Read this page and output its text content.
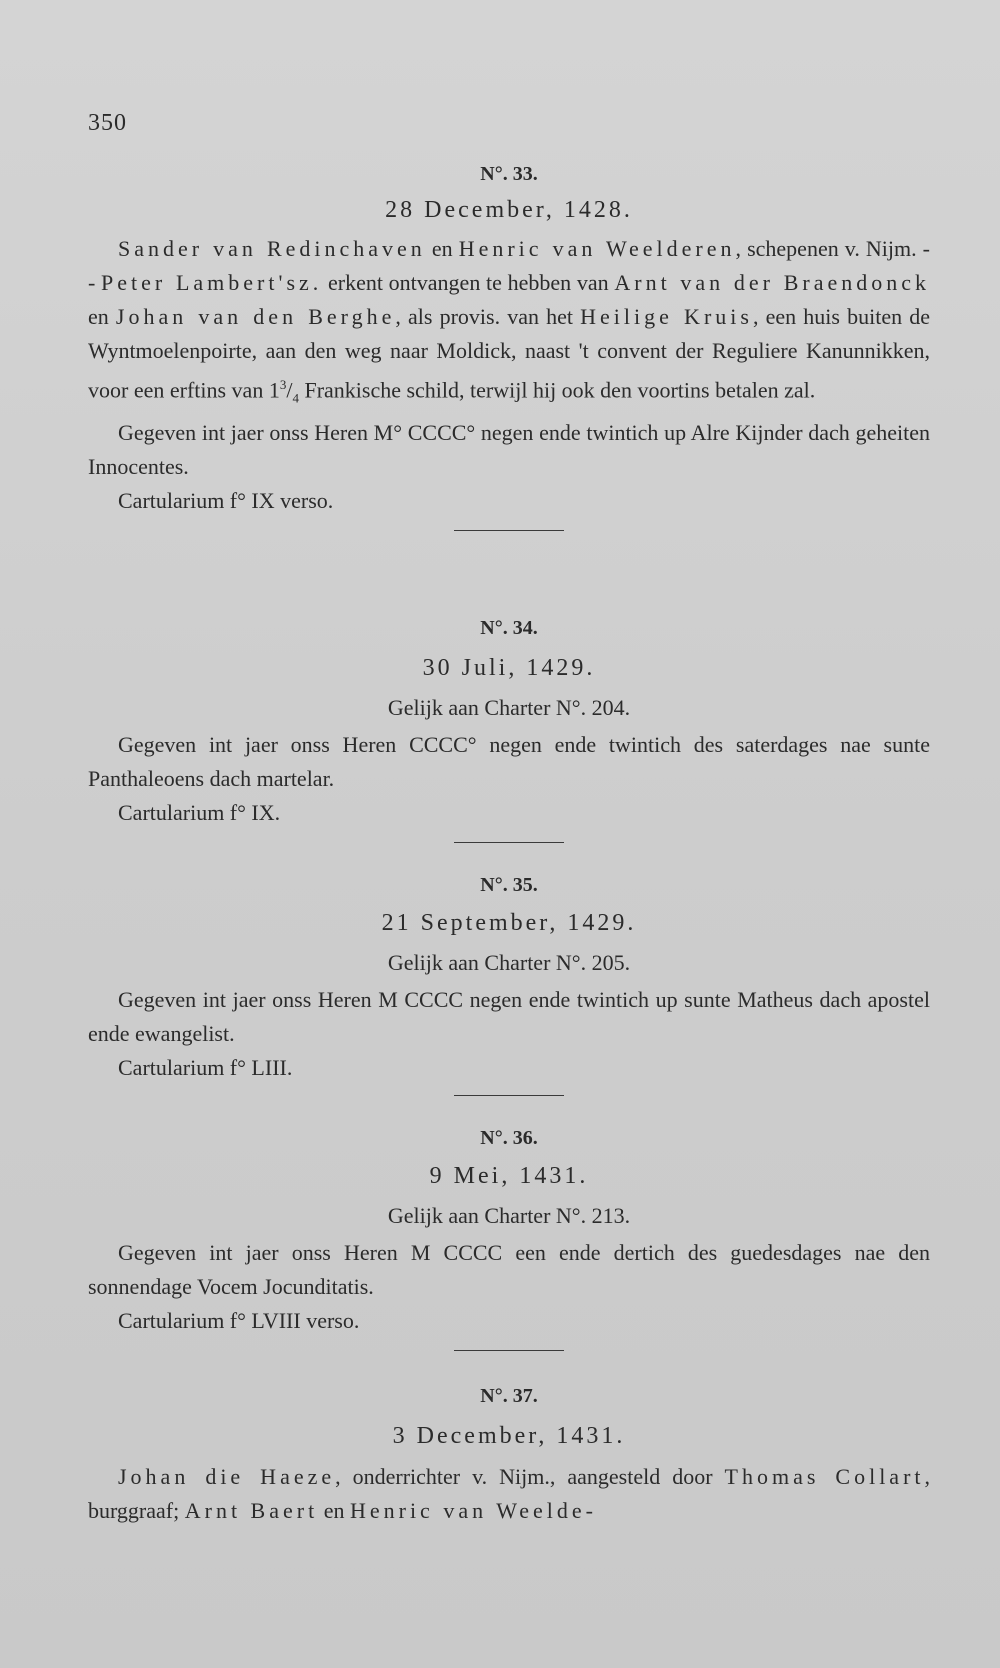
350
N°. 33.
28 December, 1428.

Sander van Redinchaven en Henric van Weelderen, schepenen v. Nijm. -- Peter Lambert'sz. erkent ontvangen te hebben van Arnt van der Braendonck en Johan van den Berghe, als provis. van het Heilige Kruis, een huis buiten de Wyntmoelenpoirte, aan den weg naar Moldick, naast 't convent der Reguliere Kanunnikken, voor een erftins van $1^3/_4$ Frankische schild, terwijl hij ook den voortins betalen zal.

Gegeven int jaer onss Heren M° CCCC° negen ende twintich up Alre Kijnder dach geheiten Innocentes.

Cartularium f° IX verso.
N°. 34.
30 Juli, 1429.
Gelijk aan Charter N°. 204.

Gegeven int jaer onss Heren CCCC° negen ende twintich des saterdages nae sunte Panthaleoens dach martelar.

Cartularium f° IX.
N°. 35.
21 September, 1429.
Gelijk aan Charter N°. 205.

Gegeven int jaer onss Heren M CCCC negen ende twintich up sunte Matheus dach apostel ende ewangelist.

Cartularium f° LIII.
N°. 36.
9 Mei, 1431.
Gelijk aan Charter N°. 213.

Gegeven int jaer onss Heren M CCCC een ende dertich des guedesdages nae den sonnendage Vocem Jocunditatis.

Cartularium f° LVIII verso.
N°. 37.
3 December, 1431.

Johan die Haeze, onderrichter v. Nijm., aangesteld door Thomas Collart, burggraaf; Arnt Baert en Henric van Weelde-
